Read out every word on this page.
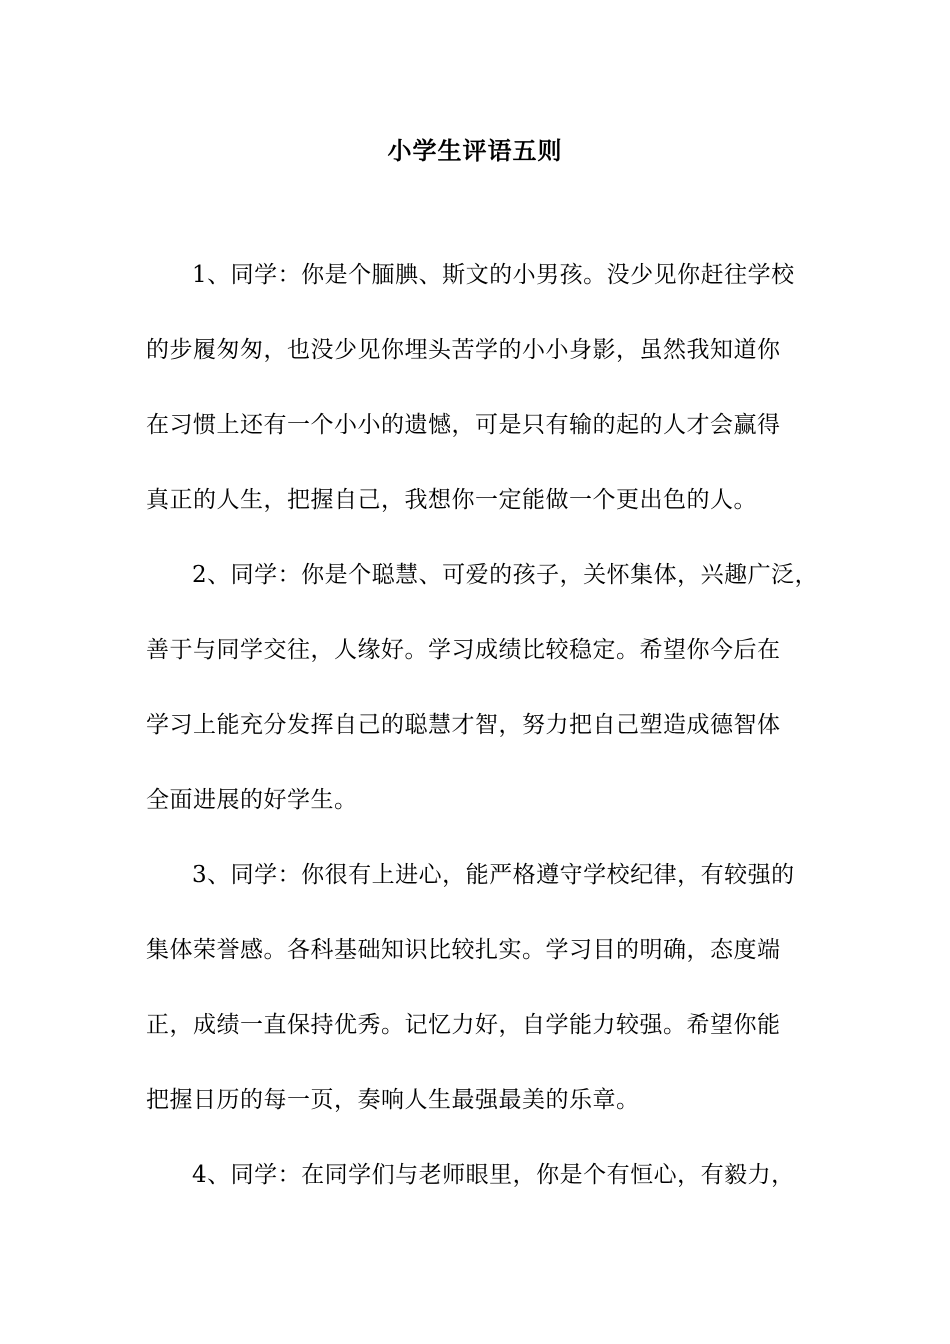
小学生评语五则
1、同学：你是个腼腆、斯文的小男孩。没少见你赶往学校
的步履匆匆，也没少见你埋头苦学的小小身影，虽然我知道你
在习惯上还有一个小小的遗憾，可是只有输的起的人才会赢得
真正的人生，把握自己，我想你一定能做一个更出色的人。
2、同学：你是个聪慧、可爱的孩子，关怀集体，兴趣广泛，
善于与同学交往，人缘好。学习成绩比较稳定。希望你今后在
学习上能充分发挥自己的聪慧才智，努力把自己塑造成德智体
全面进展的好学生。
3、同学：你很有上进心，能严格遵守学校纪律，有较强的
集体荣誉感。各科基础知识比较扎实。学习目的明确，态度端
正，成绩一直保持优秀。记忆力好，自学能力较强。希望你能
把握日历的每一页，奏响人生最强最美的乐章。
4、同学：在同学们与老师眼里，你是个有恒心，有毅力，
